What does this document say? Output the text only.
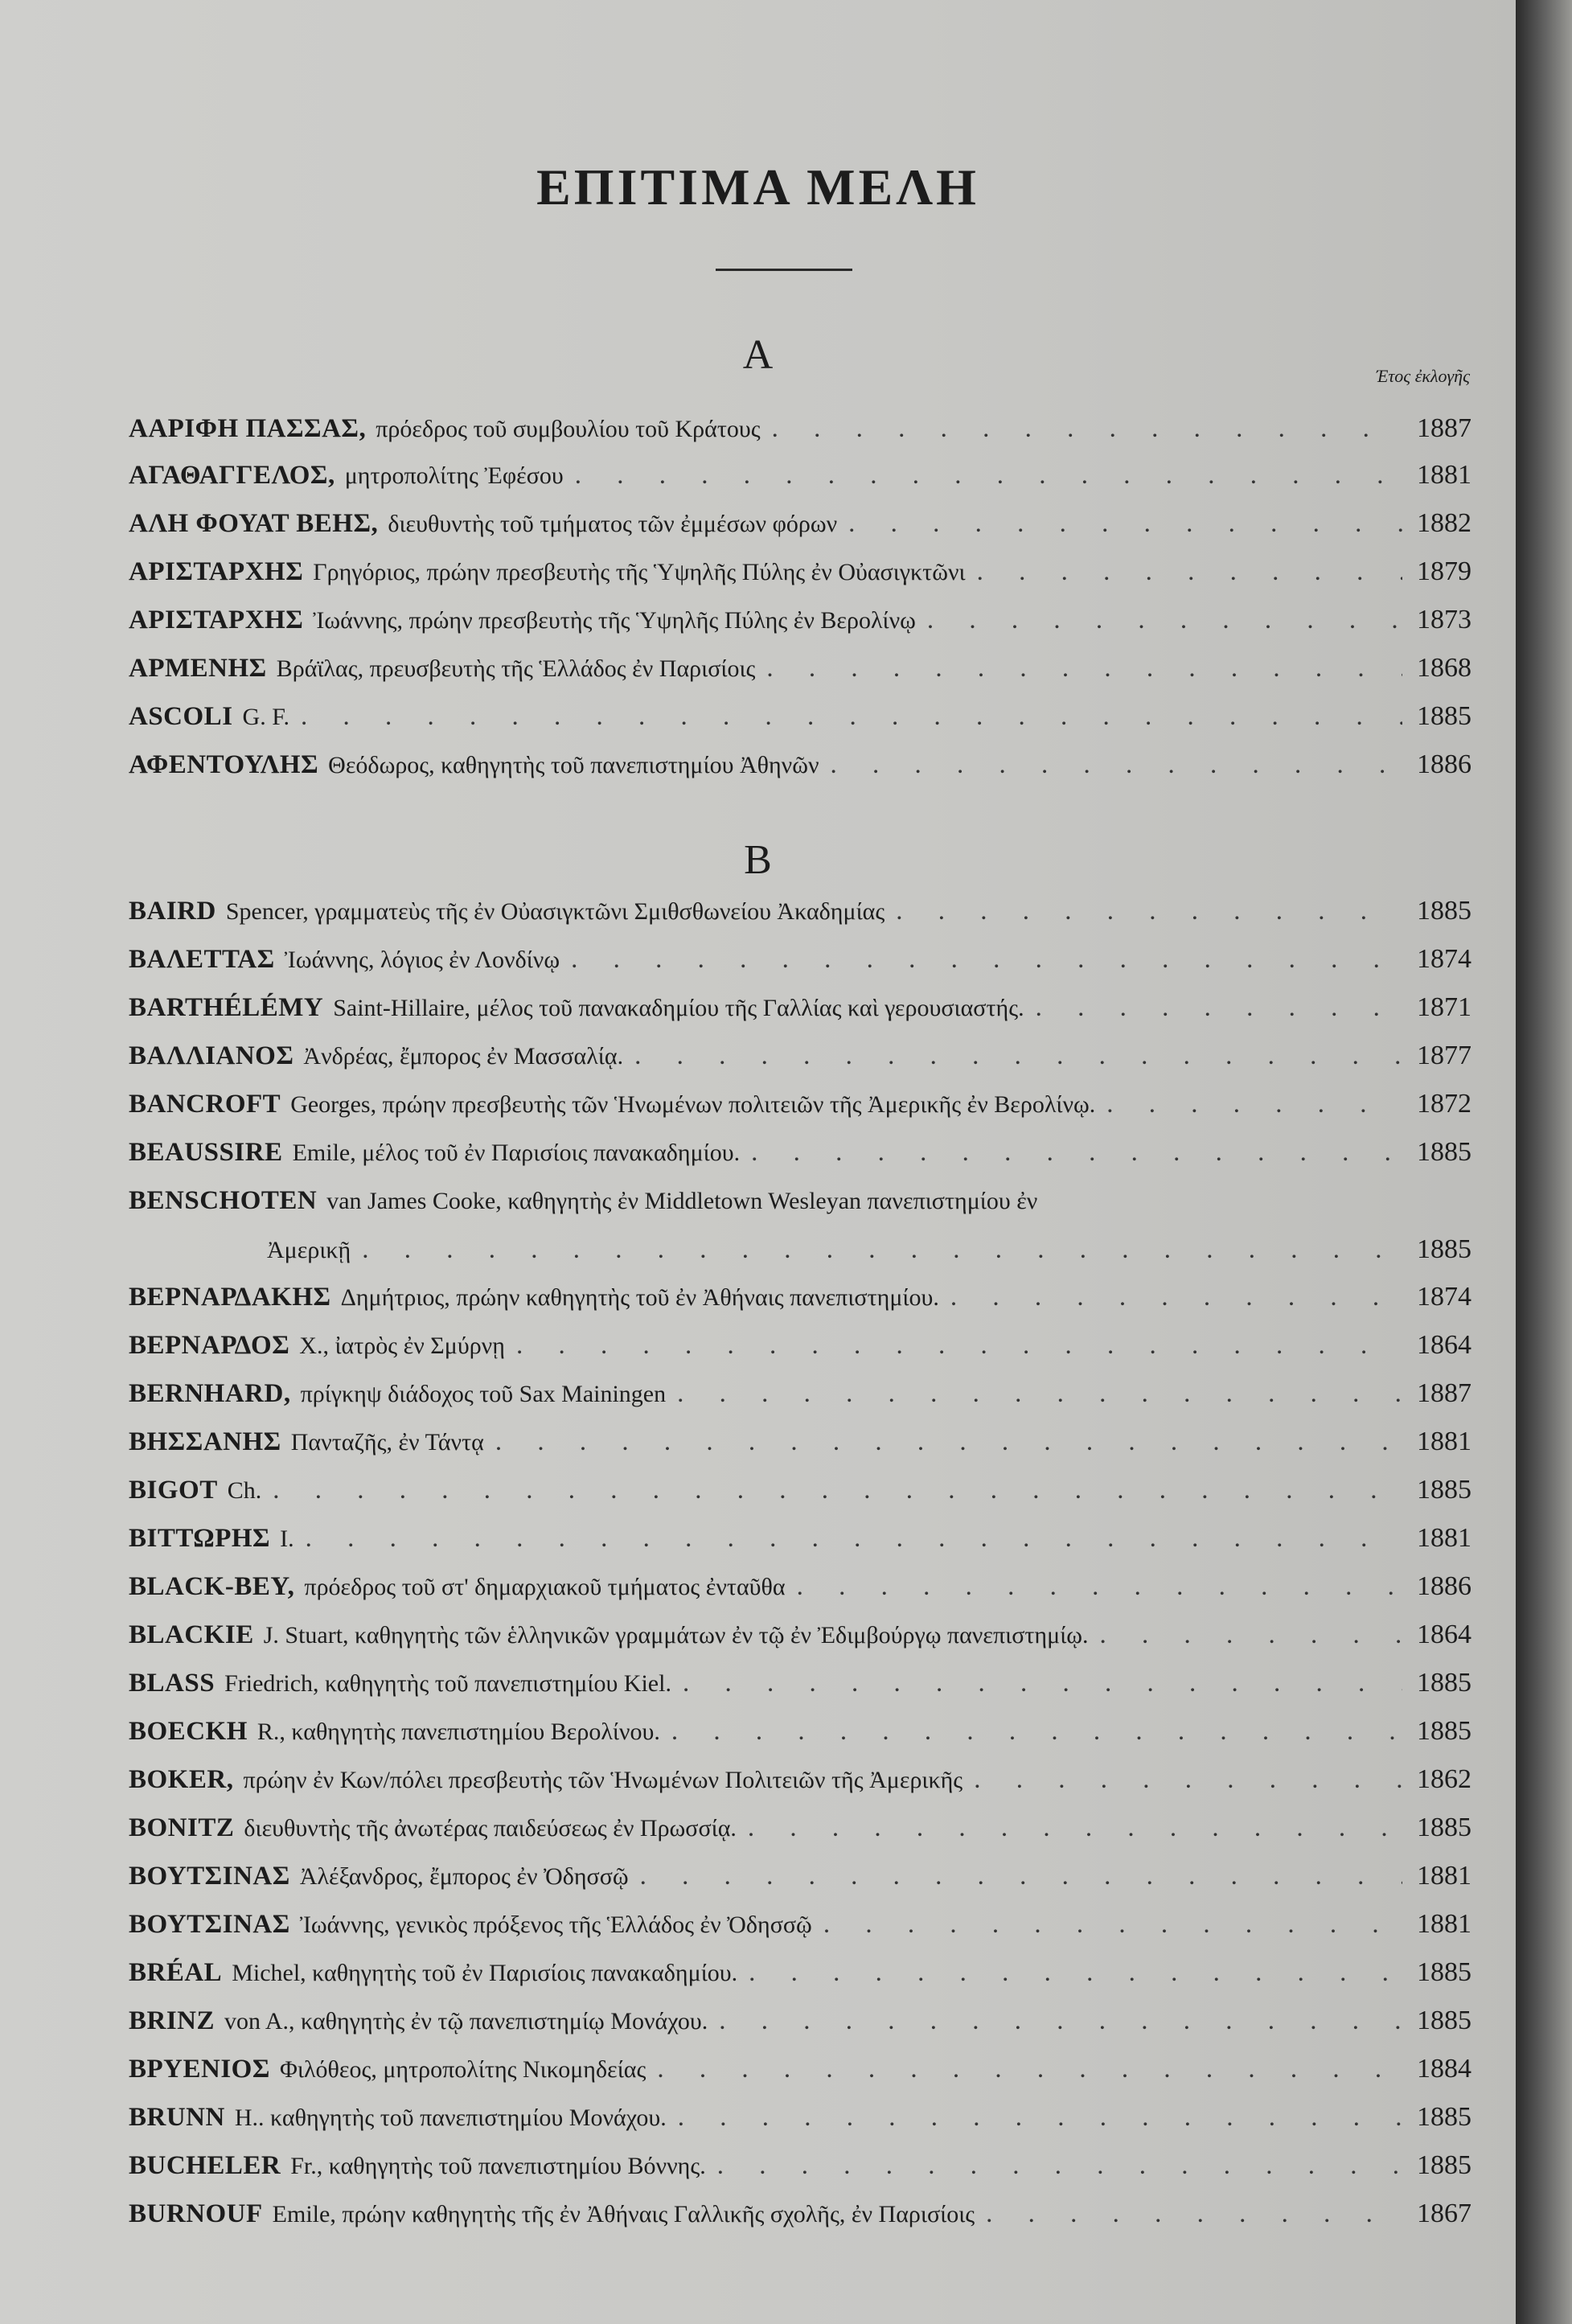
ΕΠΙΤΙΜΑ ΜΕΛΗ
A	Έτος ἐκλογῆς
ΑΑΡΙΦΗ ΠΑΣΣΑΣ, πρόεδρος τοῦ συμβουλίου τοῦ Κράτους . . .	1887
ΑΓΑΘΑΓΓΕΛΟΣ, μητροπολίτης Ἐφέσου . . .	1881
ΑΛΗ ΦΟΥΑΤ ΒΕΗΣ, διευθυντὴς τοῦ τμήματος τῶν ἐμμέσων φόρων . . .	1882
ΑΡΙΣΤΑΡΧΗΣ Γρηγόριος, πρώην πρεσβευτὴς τῆς Ὑψηλῆς Πύλης ἐν Οὐασιγκτῶνι . . .	1879
ΑΡΙΣΤΑΡΧΗΣ Ἰωάννης, πρώην πρεσβευτὴς τῆς Ὑψηλῆς Πύλης ἐν Βερολίνῳ . . .	1873
ΑΡΜΕΝΗΣ Βράϊλας, πρευσβευτὴς τῆς Ἑλλάδος ἐν Παρισίοις . . .	1868
ASCOLI G. F. . . .	1885
ΑΦΕΝΤΟΥΛΗΣ Θεόδωρος, καθηγητὴς τοῦ πανεπιστημίου Ἀθηνῶν . . .	1886
B
BAIRD Spencer, γραμματεὺς τῆς ἐν Οὐασιγκτῶνι Σμιθσθωνείου Ἀκαδημίας . . .	1885
ΒΑΛΕΤΤΑΣ Ἰωάννης, λόγιος ἐν Λονδίνῳ . . .	1874
BARTHÉLÉMY Saint-Hillaire, μέλος τοῦ πανακαδημίου τῆς Γαλλίας καὶ γερουσιαστής. . . .	1871
ΒΑΛΛΙΑΝΟΣ Ἀνδρέας, ἔμπορος ἐν Μασσαλίᾳ. . . .	1877
BANCROFT Georges, πρώην πρεσβευτὴς τῶν Ἡνωμένων πολιτειῶν τῆς Ἀμερικῆς ἐν Βερολίνῳ. . . .	1872
BEAUSSIRE Emile, μέλος τοῦ ἐν Παρισίοις πανακαδημίου. . . .	1885
BENSCHOTEN van James Cooke, καθηγητὴς ἐν Middletown Wesleyan πανεπιστημίου ἐν
Ἀμερικῇ . . .	1885
ΒΕΡΝΑΡΔΑΚΗΣ Δημήτριος, πρώην καθηγητὴς τοῦ ἐν Ἀθήναις πανεπιστημίου. . . .	1874
ΒΕΡΝΑΡΔΟΣ Χ., ἰατρὸς ἐν Σμύρνῃ . . .	1864
BERNHARD, πρίγκηψ διάδοχος τοῦ Sax Mainingen . . .	1887
ΒΗΣΣΑΝΗΣ Πανταζῆς, ἐν Τάντᾳ . . .	1881
BIGOT Ch. . . .	1885
ΒΙΤΤΩΡΗΣ Ι. . . .	1881
BLACK-BEY, πρόεδρος τοῦ στ' δημαρχιακοῦ τμήματος ἐνταῦθα . . .	1886
BLACKIE J. Stuart, καθηγητὴς τῶν ἑλληνικῶν γραμμάτων ἐν τῷ ἐν Ἐδιμβούργῳ πανεπιστημίῳ. . . .	1864
BLASS Friedrich, καθηγητὴς τοῦ πανεπιστημίου Kiel. . . .	1885
BOECKH R., καθηγητὴς πανεπιστημίου Βερολίνου. . . .	1885
BOKER, πρώην ἐν Κων/πόλει πρεσβευτὴς τῶν Ἡνωμένων Πολιτειῶν τῆς Ἀμερικῆς . . .	1862
BONITZ διευθυντὴς τῆς ἀνωτέρας παιδεύσεως ἐν Πρωσσίᾳ. . . .	1885
ΒΟΥΤΣΙΝΑΣ Ἀλέξανδρος, ἔμπορος ἐν Ὀδησσῷ . . .	1881
ΒΟΥΤΣΙΝΑΣ Ἰωάννης, γενικὸς πρόξενος τῆς Ἑλλάδος ἐν Ὀδησσῷ . . .	1881
BRÉAL Michel, καθηγητὴς τοῦ ἐν Παρισίοις πανακαδημίου. . . .	1885
BRINZ von A., καθηγητὴς ἐν τῷ πανεπιστημίῳ Μονάχου. . . .	1885
ΒΡΥΕΝΙΟΣ Φιλόθεος, μητροπολίτης Νικομηδείας . . .	1884
BRUNN H.. καθηγητὴς τοῦ πανεπιστημίου Μονάχου. . . .	1885
BUCHELER Fr., καθηγητὴς τοῦ πανεπιστημίου Βόννης. . . .	1885
BURNOUF Emile, πρώην καθηγητὴς τῆς ἐν Ἀθήναις Γαλλικῆς σχολῆς, ἐν Παρισίοις . . .	1867
